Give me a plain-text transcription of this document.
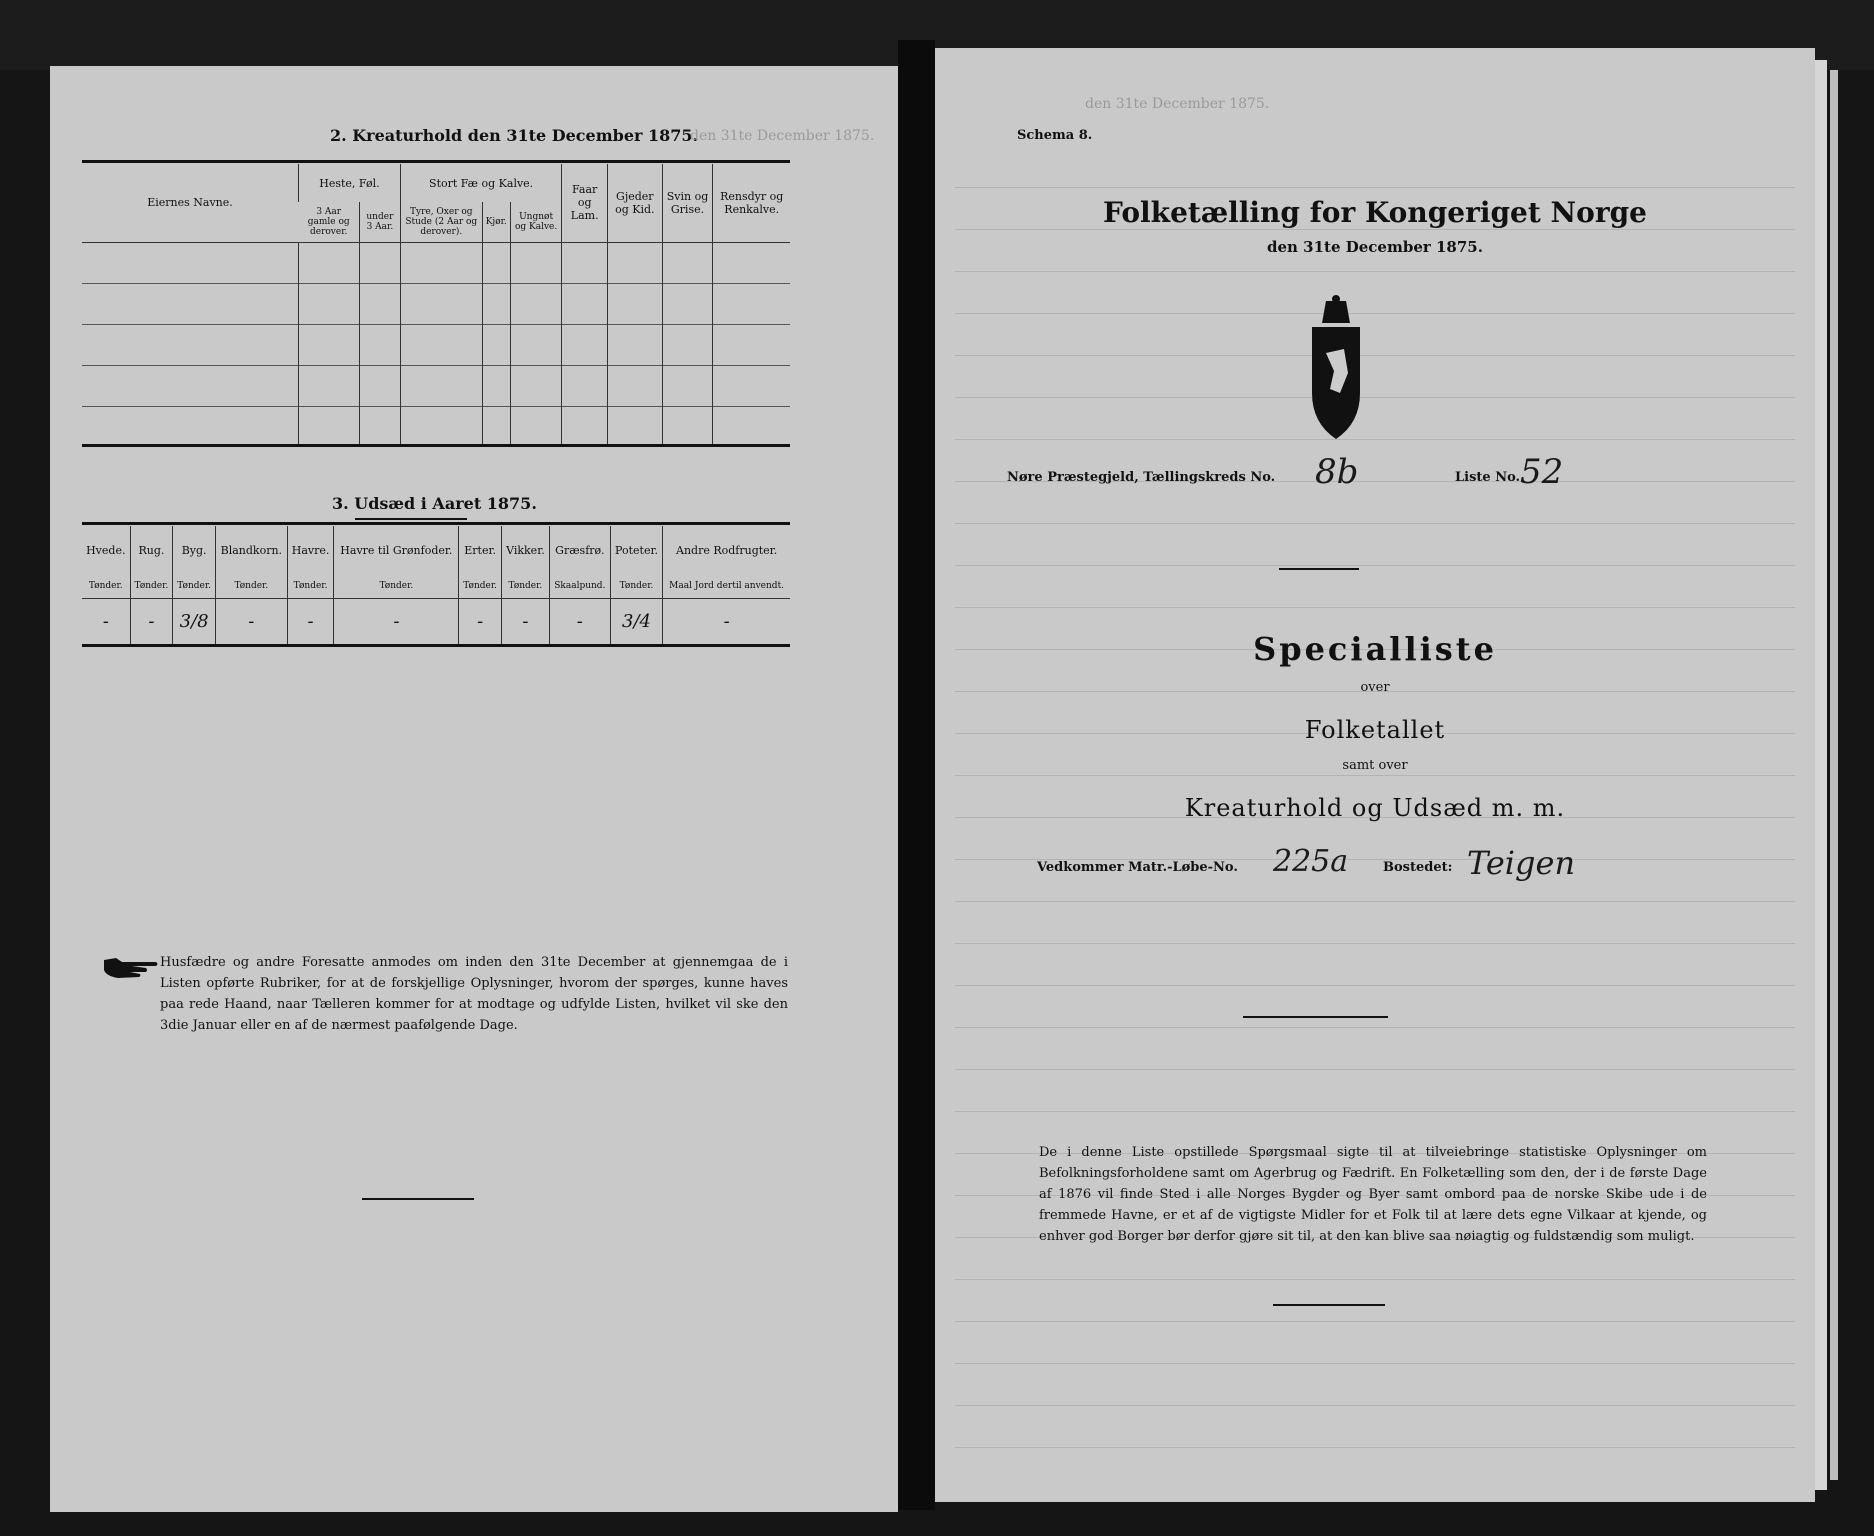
2. Kreaturhold den 31te December 1875.
den 31te December 1875.
Eiernes Navne.	Heste, Føl.		Stort Fæ og Kalve.			Faar og Lam.	Gjeder og Kid.	Svin og Grise.	Rensdyr og Renkalve.
	3 Aar gamle og derover.	under 3 Aar.	Tyre, Oxer og Stude (2 Aar og derover).	Kjør.	Ungnøt og Kalve.				

3. Udsæd i Aaret 1875.
Hvede.	Rug.	Byg.	Blandkorn.	Havre.	Havre til Grønfoder.	Erter.	Vikker.	Græsfrø.	Poteter.	Andre Rodfrugter.
Tønder.	Tønder.	Tønder.	Tønder.	Tønder.	Tønder.	Tønder.	Tønder.	Skaalpund.	Tønder.	Maal Jord dertil anvendt.
-	-	3/8	-	-	-	-	-	-	3/4	-
Husfædre og andre Foresatte anmodes om inden den 31te December at gjennemgaa de i Listen opførte Rubriker, for at de forskjellige Oplysninger, hvorom der spørges, kunne haves paa rede Haand, naar Tælleren kommer for at modtage og udfylde Listen, hvilket vil ske den 3die Januar eller en af de nærmest paafølgende Dage.
Schema 8.
den 31te December 1875.
Folketælling for Kongeriget Norge
den 31te December 1875.
Nøre Præstegjeld, Tællingskreds No. 8b	Liste No. 52
Specialliste
over
Folketallet
samt over
Kreaturhold og Udsæd m. m.
Vedkommer Matr.-Løbe-No. 225a	Bostedet: Teigen
De i denne Liste opstillede Spørgsmaal sigte til at tilveiebringe statistiske Oplysninger om Befolkningsforholdene samt om Agerbrug og Fædrift. En Folketælling som den, der i de første Dage af 1876 vil finde Sted i alle Norges Bygder og Byer samt ombord paa de norske Skibe ude i de fremmede Havne, er et af de vigtigste Midler for et Folk til at lære dets egne Vilkaar at kjende, og enhver god Borger bør derfor gjøre sit til, at den kan blive saa nøiagtig og fuldstændig som muligt.
